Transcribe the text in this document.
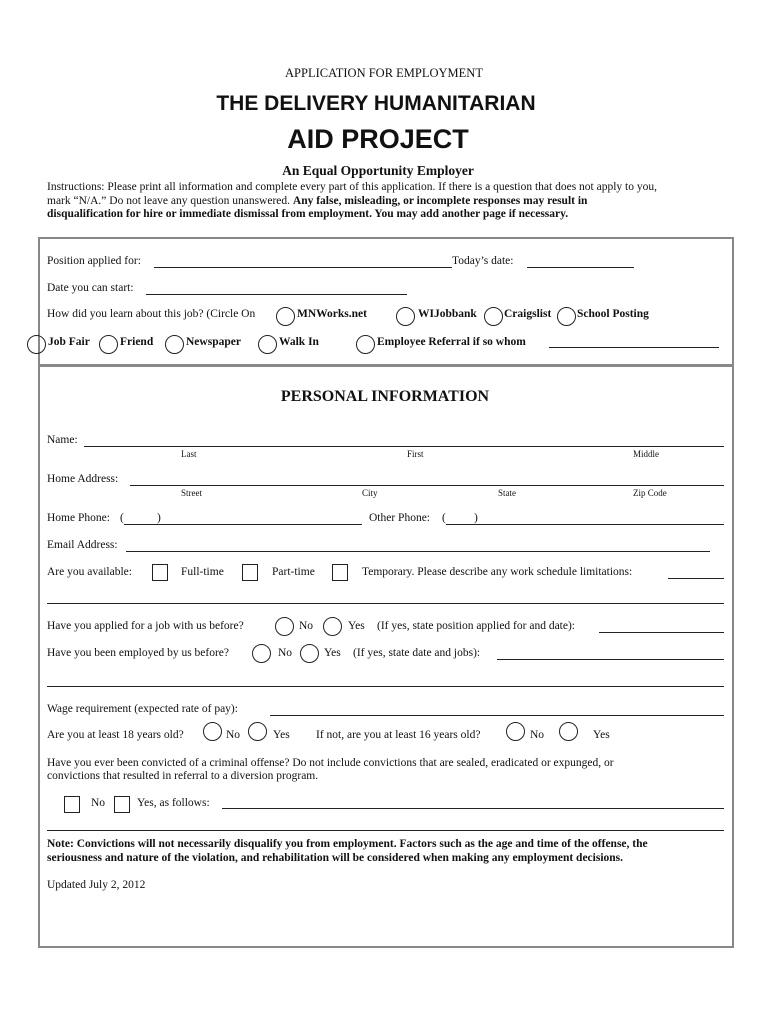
APPLICATION FOR EMPLOYMENT
THE DELIVERY HUMANITARIAN
AID PROJECT
An Equal Opportunity Employer
Instructions: Please print all information and complete every part of this application. If there is a question that does not apply to you,
mark “N/A.” Do not leave any question unanswered. Any false, misleading, or incomplete responses may result in
disqualification for hire or immediate dismissal from employment. You may add another page if necessary.
Position applied for:	Today’s date:
Date you can start:
How did you learn about this job? (Circle On	MNWorks.net	WIJobbank Craigslist School Posting
Job Fair	Friend	Newspaper	Walk In	Employee Referral if so whom
PERSONAL INFORMATION
Name:
Last	First	Middle
Home Address:
Street	City	State	Zip Code
Home Phone: (	)	Other Phone: ( )
Email Address:
Are you available:	Full-time	Part-time	Temporary. Please describe any work schedule limitations:
Have you applied for a job with us before?	No	Yes (If yes, state position applied for and date):
Have you been employed by us before?	No	Yes (If yes, state date and jobs):
Wage requirement (expected rate of pay):
Are you at least 18 years old?	No	Yes If not, are you at least 16 years old?	No	Yes
Have you ever been convicted of a criminal offense? Do not include convictions that are sealed, eradicated or expunged, or
convictions that resulted in referral to a diversion program.
No	Yes, as follows:
Note: Convictions will not necessarily disqualify you from employment. Factors such as the age and time of the offense, the
seriousness and nature of the violation, and rehabilitation will be considered when making any employment decisions.
Updated July 2, 2012
